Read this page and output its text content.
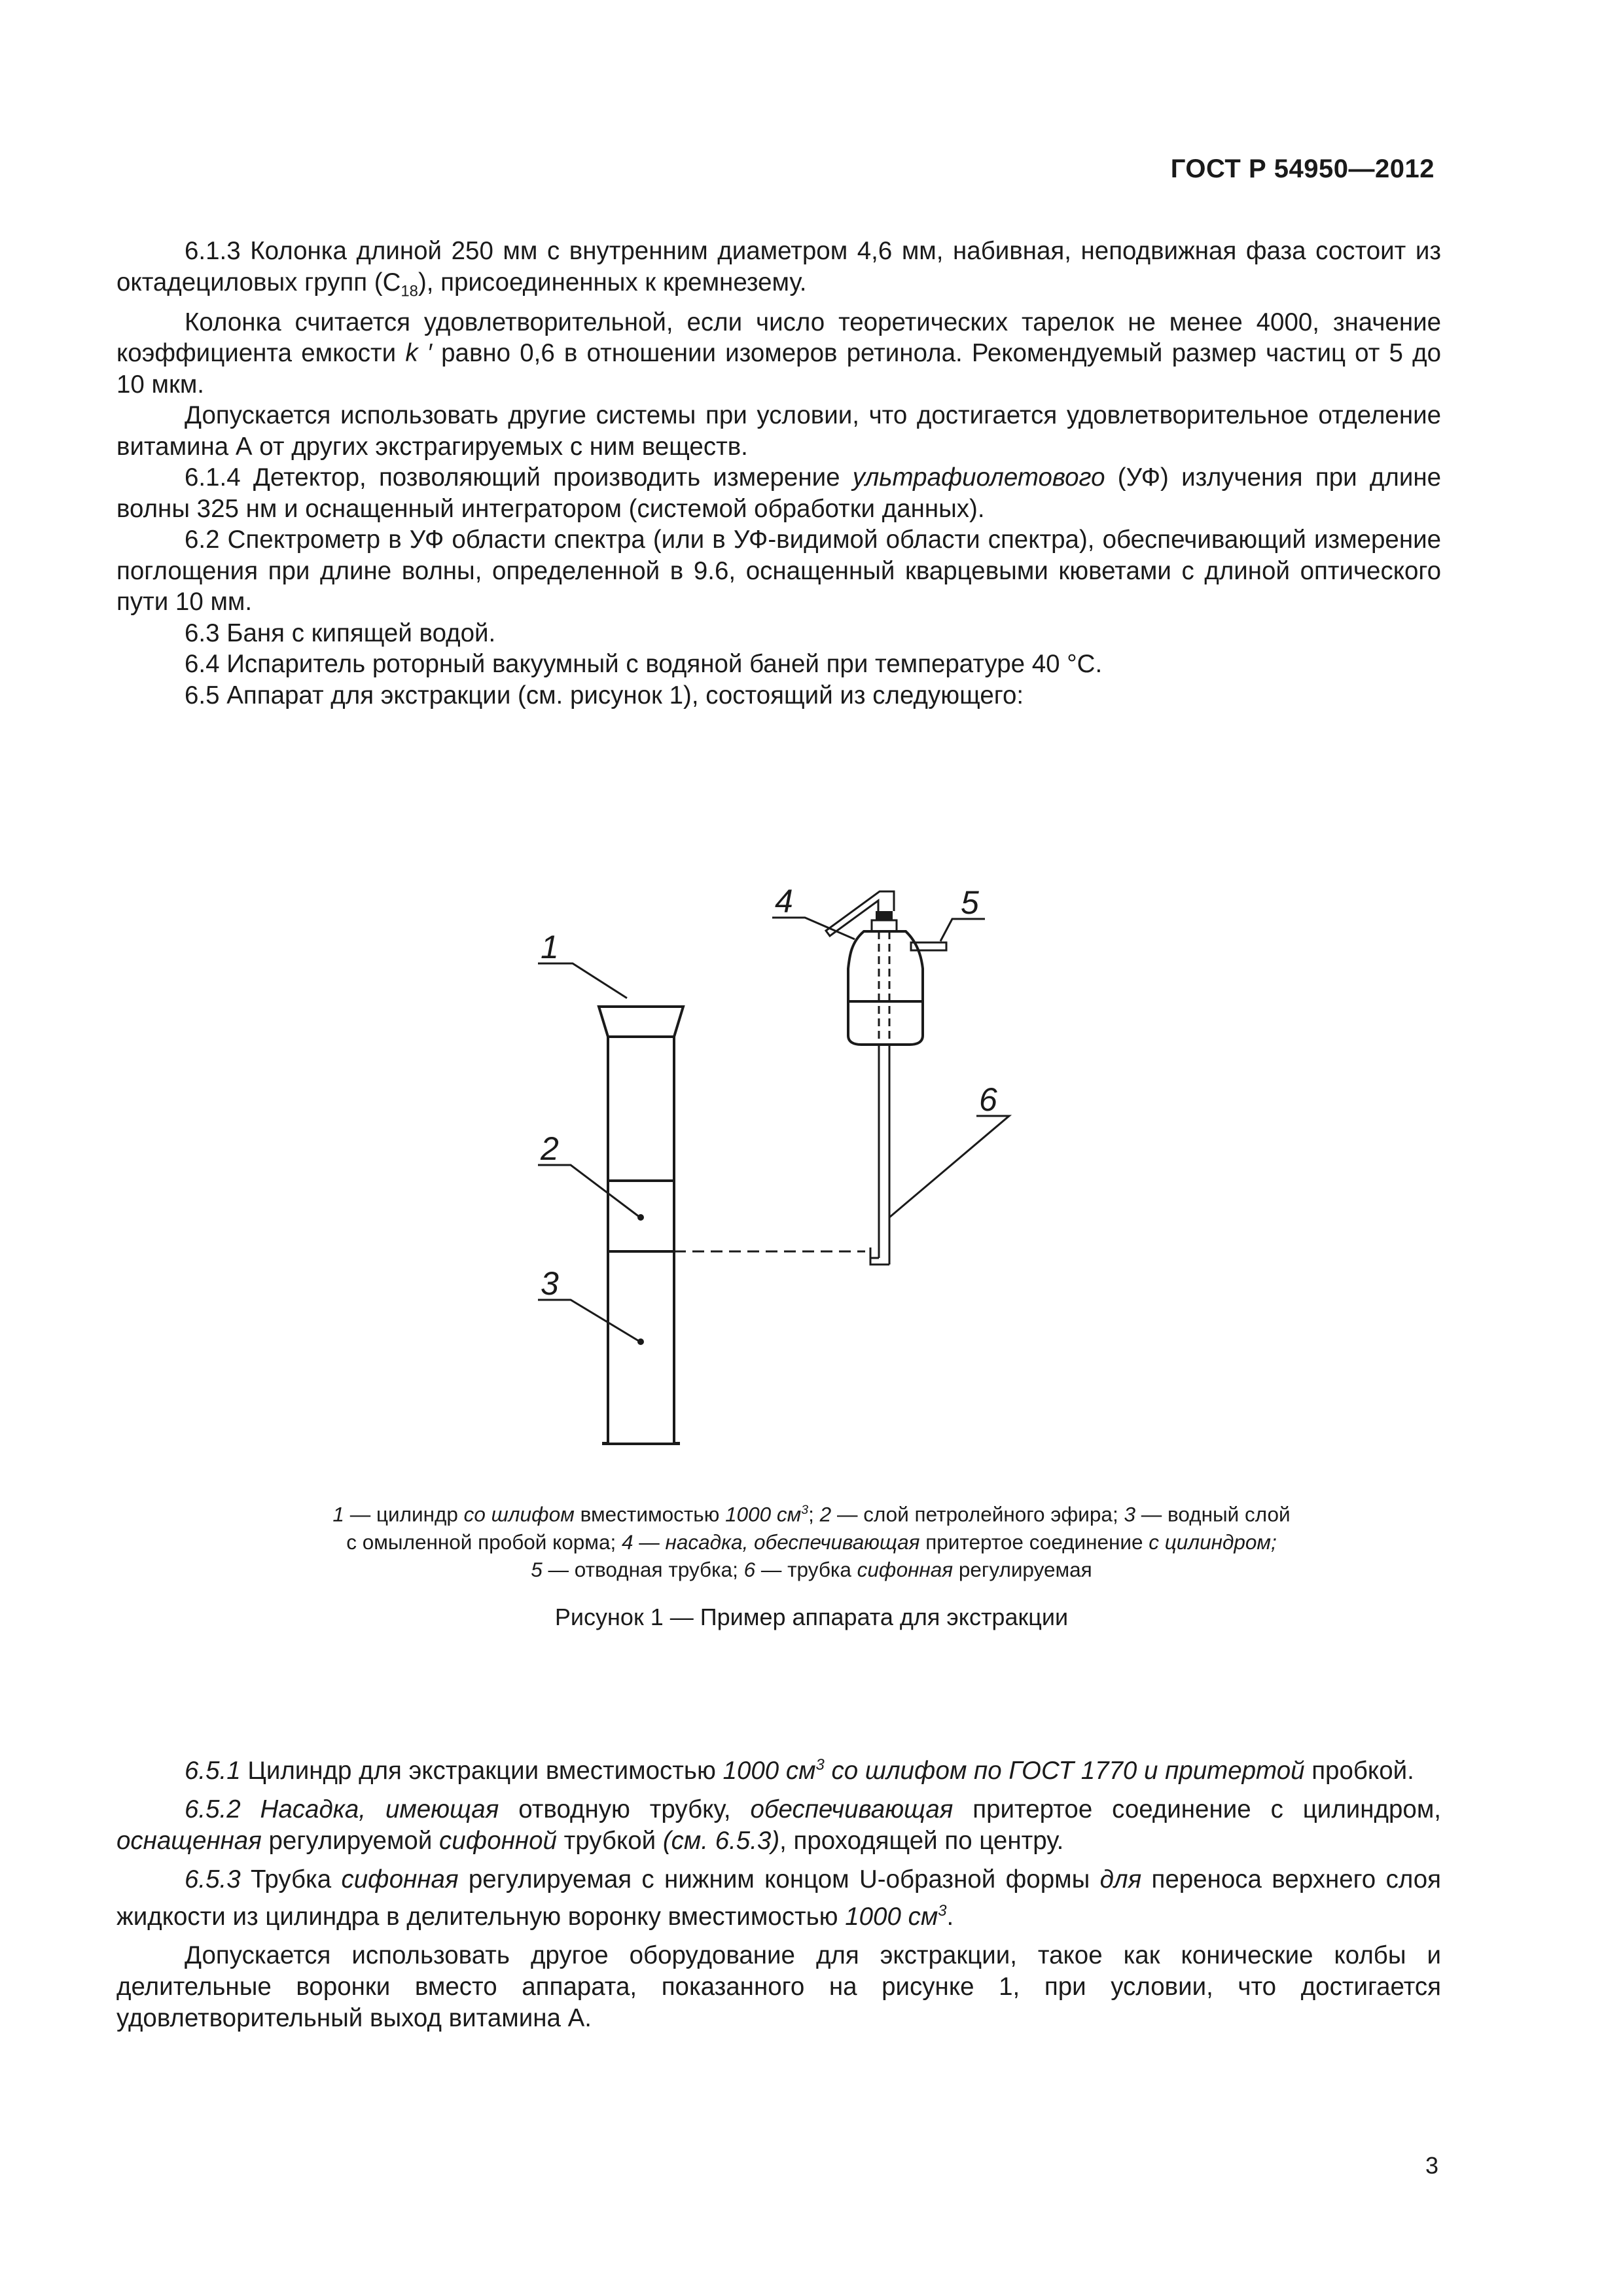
ГОСТ Р 54950—2012

6.1.3 Колонка длиной 250 мм с внутренним диаметром 4,6 мм, набивная, неподвижная фаза состоит из октадециловых групп $(С_{18})$, присоединенных к кремнезему.

Колонка считается удовлетворительной, если число теоретических тарелок не менее 4000, значение коэффициента емкости k ′ равно 0,6 в отношении изомеров ретинола. Рекомендуемый размер частиц от 5 до 10 мкм.

Допускается использовать другие системы при условии, что достигается удовлетворительное отделение витамина А от других экстрагируемых с ним веществ.

6.1.4 Детектор, позволяющий производить измерение ультрафиолетового (УФ) излучения при длине волны 325 нм и оснащенный интегратором (системой обработки данных).

6.2 Спектрометр в УФ области спектра (или в УФ-видимой области спектра), обеспечивающий измерение поглощения при длине волны, определенной в 9.6, оснащенный кварцевыми кюветами с длиной оптического пути 10 мм.

6.3 Баня с кипящей водой.

6.4 Испаритель роторный вакуумный с водяной баней при температуре 40 °С.

6.5 Аппарат для экстракции (см. рисунок 1), состоящий из следующего:

1
2
3
4	5
6
1 — цилиндр со шлифом вместимостью 1000 $см^3$; 2 — слой петролейного эфира; 3 — водный слой
с омыленной пробой корма; 4 — насадка, обеспечивающая притертое соединение с цилиндром;
5 — отводная трубка; 6 — трубка сифонная регулируемая
Рисунок 1 — Пример аппарата для экстракции

6.5.1 Цилиндр для экстракции вместимостью 1000 $см^3$ со шлифом по ГОСТ 1770 и притертой пробкой.

6.5.2 Насадка, имеющая отводную трубку, обеспечивающая притертое соединение с цилиндром, оснащенная регулируемой сифонной трубкой (см. 6.5.3), проходящей по центру.

6.5.3 Трубка сифонная регулируемая с нижним концом U-образной формы для переноса верхнего слоя жидкости из цилиндра в делительную воронку вместимостью 1000 $см^3$.

Допускается использовать другое оборудование для экстракции, такое как конические колбы и делительные воронки вместо аппарата, показанного на рисунке 1, при условии, что достигается удовлетворительный выход витамина А.

3
